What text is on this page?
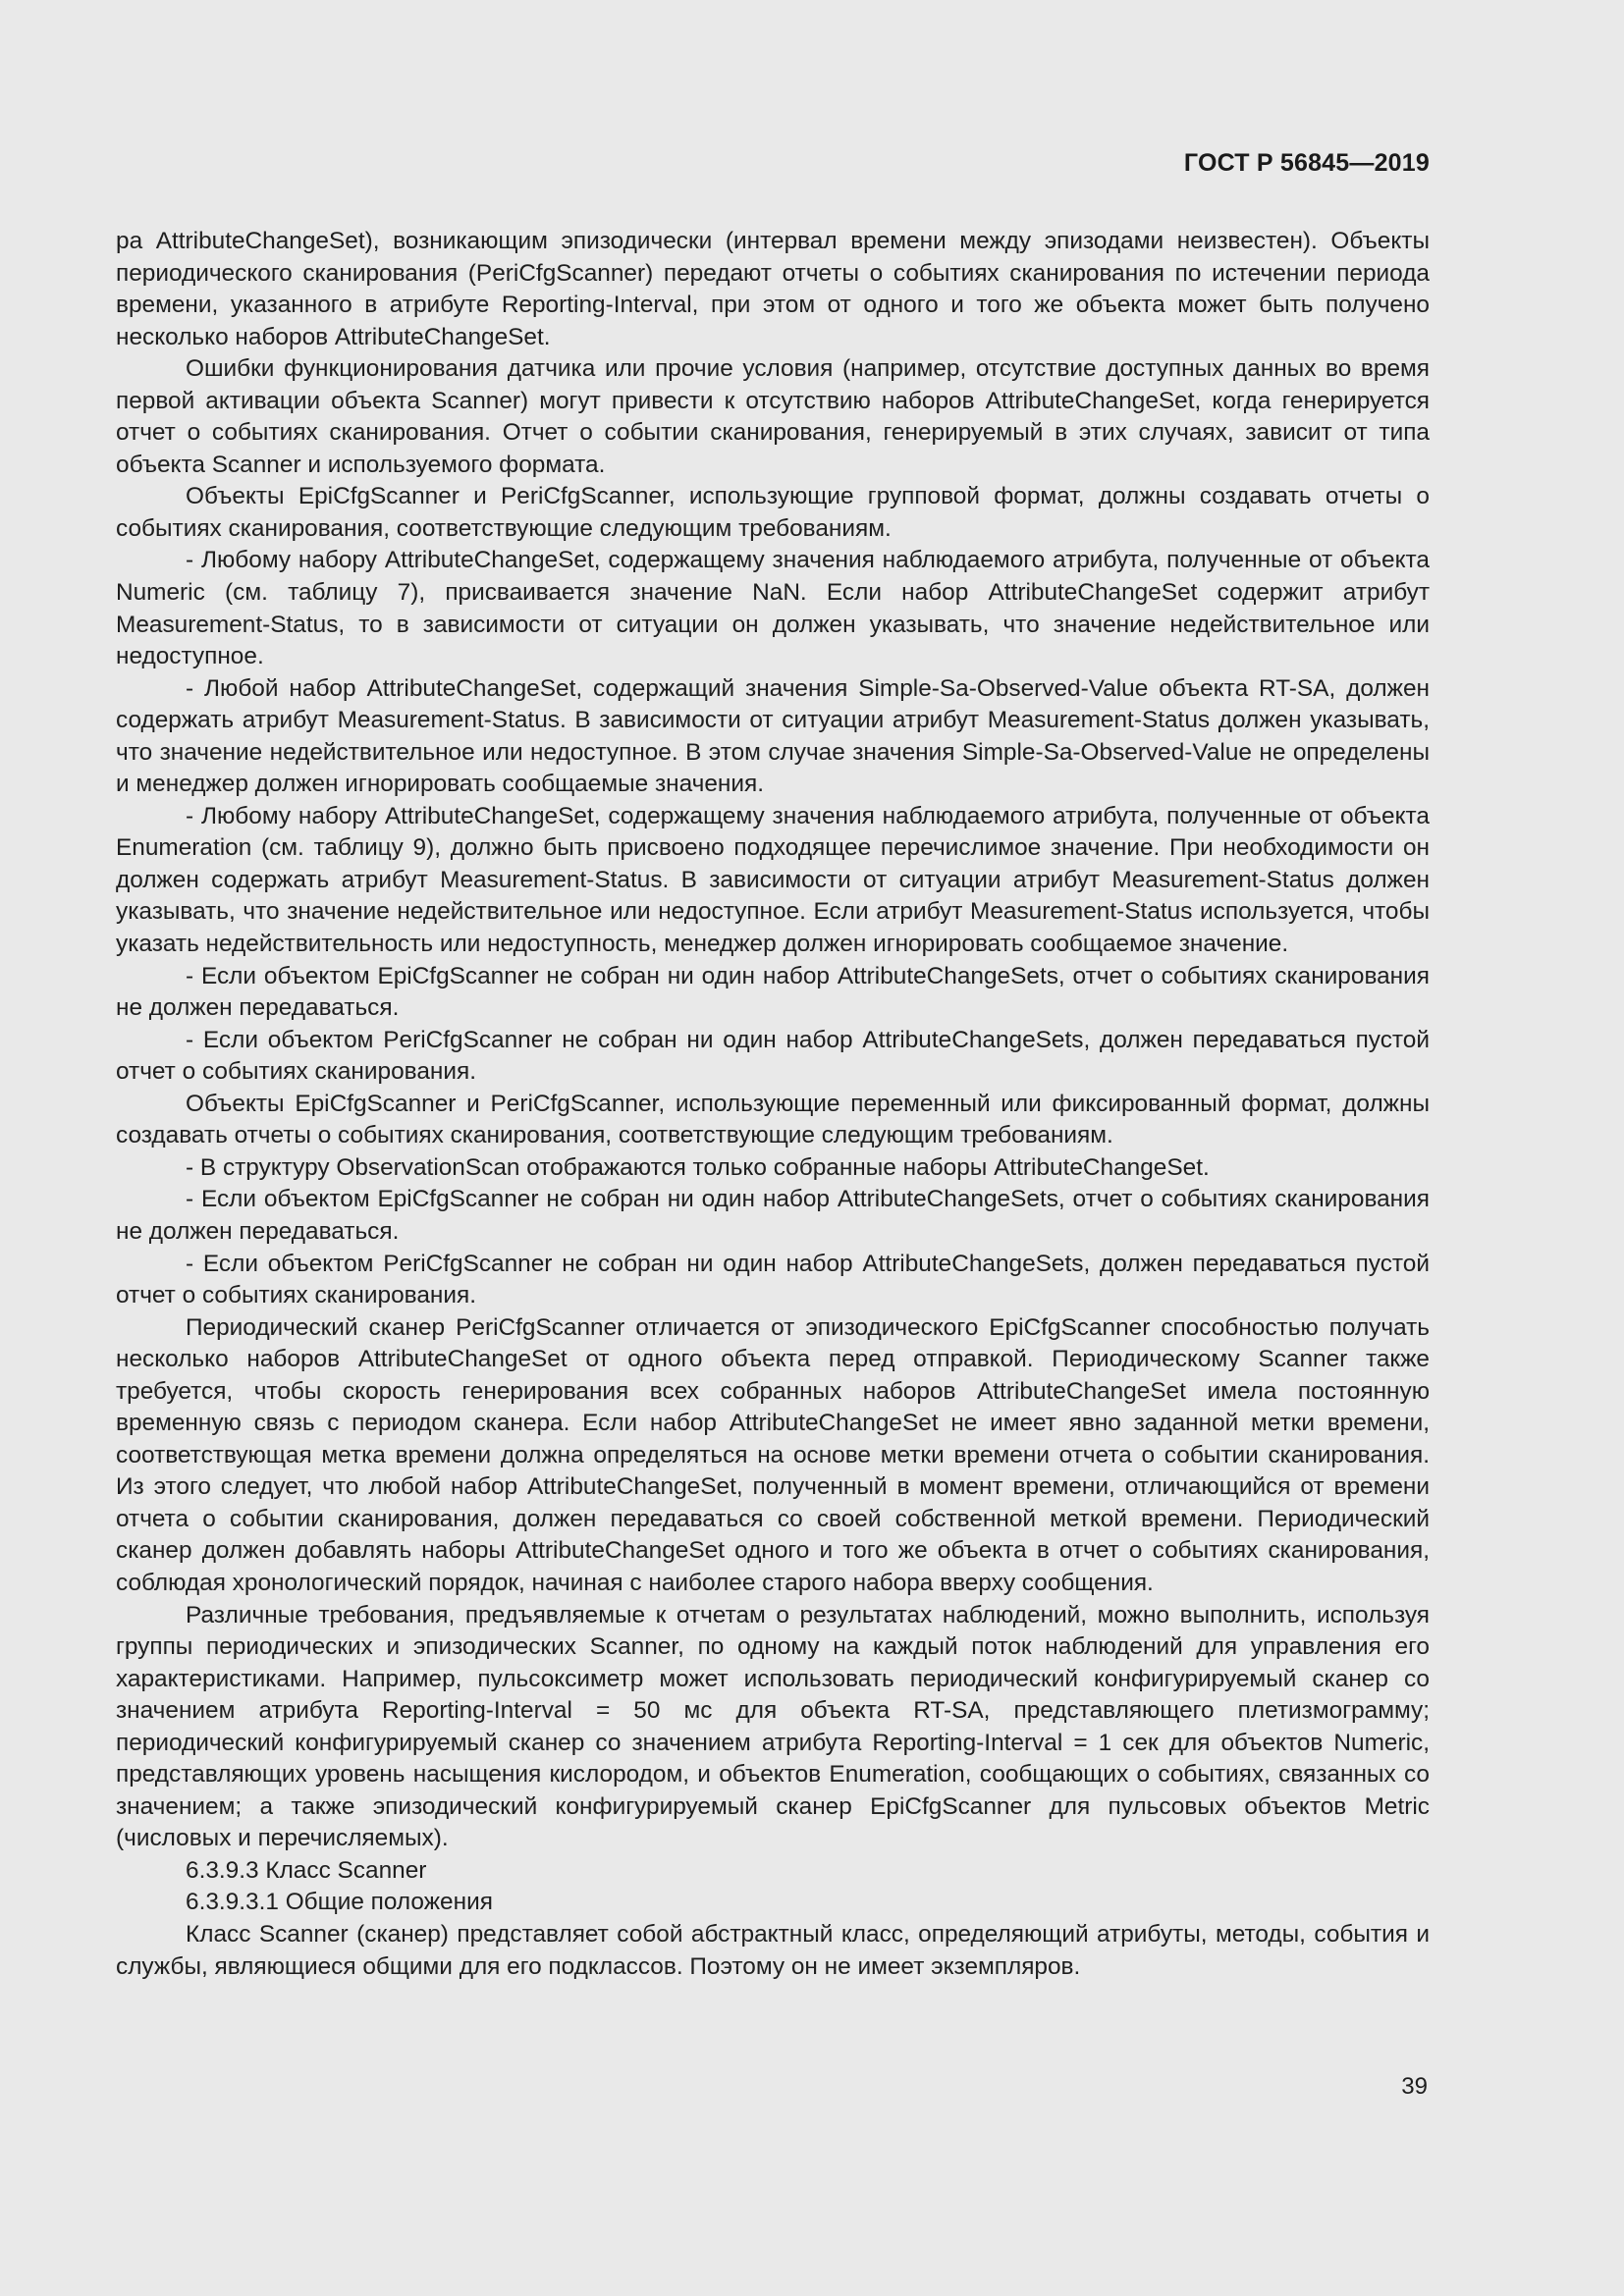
ГОСТ Р 56845—2019

ра AttributeChangeSet), возникающим эпизодически (интервал времени между эпизодами неизвестен). Объекты периодического сканирования (PeriCfgScanner) передают отчеты о событиях сканирования по истечении периода времени, указанного в атрибуте Reporting-Interval, при этом от одного и того же объекта может быть получено несколько наборов AttributeChangeSet.

Ошибки функционирования датчика или прочие условия (например, отсутствие доступных данных во время первой активации объекта Scanner) могут привести к отсутствию наборов AttributeChangeSet, когда генерируется отчет о событиях сканирования. Отчет о событии сканирования, генерируемый в этих случаях, зависит от типа объекта Scanner и используемого формата.

Объекты EpiCfgScanner и PeriCfgScanner, использующие групповой формат, должны создавать отчеты о событиях сканирования, соответствующие следующим требованиям.

- Любому набору AttributeChangeSet, содержащему значения наблюдаемого атрибута, полученные от объекта Numeric (см. таблицу 7), присваивается значение NaN. Если набор AttributeChangeSet содержит атрибут Measurement-Status, то в зависимости от ситуации он должен указывать, что значение недействительное или недоступное.

- Любой набор AttributeChangeSet, содержащий значения Simple-Sa-Observed-Value объекта RT-SA, должен содержать атрибут Measurement-Status. В зависимости от ситуации атрибут Measurement-Status должен указывать, что значение недействительное или недоступное. В этом случае значения Simple-Sa-Observed-Value не определены и менеджер должен игнорировать сообщаемые значения.

- Любому набору AttributeChangeSet, содержащему значения наблюдаемого атрибута, полученные от объекта Enumeration (см. таблицу 9), должно быть присвоено подходящее перечислимое значение. При необходимости он должен содержать атрибут Measurement-Status. В зависимости от ситуации атрибут Measurement-Status должен указывать, что значение недействительное или недоступное. Если атрибут Measurement-Status используется, чтобы указать недействительность или недоступность, менеджер должен игнорировать сообщаемое значение.

- Если объектом EpiCfgScanner не собран ни один набор AttributeChangeSets, отчет о событиях сканирования не должен передаваться.

- Если объектом PeriCfgScanner не собран ни один набор AttributeChangeSets, должен передаваться пустой отчет о событиях сканирования.

Объекты EpiCfgScanner и PeriCfgScanner, использующие переменный или фиксированный формат, должны создавать отчеты о событиях сканирования, соответствующие следующим требованиям.

- В структуру ObservationScan отображаются только собранные наборы AttributeChangeSet.

- Если объектом EpiCfgScanner не собран ни один набор AttributeChangeSets, отчет о событиях сканирования не должен передаваться.

- Если объектом PeriCfgScanner не собран ни один набор AttributeChangeSets, должен передаваться пустой отчет о событиях сканирования.

Периодический сканер PeriCfgScanner отличается от эпизодического EpiCfgScanner способностью получать несколько наборов AttributeChangeSet от одного объекта перед отправкой. Периодическому Scanner также требуется, чтобы скорость генерирования всех собранных наборов AttributeChangeSet имела постоянную временную связь с периодом сканера. Если набор AttributeChangeSet не имеет явно заданной метки времени, соответствующая метка времени должна определяться на основе метки времени отчета о событии сканирования. Из этого следует, что любой набор AttributeChangeSet, полученный в момент времени, отличающийся от времени отчета о событии сканирования, должен передаваться со своей собственной меткой времени. Периодический сканер должен добавлять наборы AttributeChangeSet одного и того же объекта в отчет о событиях сканирования, соблюдая хронологический порядок, начиная с наиболее старого набора вверху сообщения.

Различные требования, предъявляемые к отчетам о результатах наблюдений, можно выполнить, используя группы периодических и эпизодических Scanner, по одному на каждый поток наблюдений для управления его характеристиками. Например, пульсоксиметр может использовать периодический конфигурируемый сканер со значением атрибута Reporting-Interval = 50 мс для объекта RT-SA, представляющего плетизмограмму; периодический конфигурируемый сканер со значением атрибута Reporting-Interval = 1 сек для объектов Numeric, представляющих уровень насыщения кислородом, и объектов Enumeration, сообщающих о событиях, связанных со значением; а также эпизодический конфигурируемый сканер EpiCfgScanner для пульсовых объектов Metric (числовых и перечисляемых).

6.3.9.3 Класс Scanner

6.3.9.3.1 Общие положения

Класс Scanner (сканер) представляет собой абстрактный класс, определяющий атрибуты, методы, события и службы, являющиеся общими для его подклассов. Поэтому он не имеет экземпляров.

39
